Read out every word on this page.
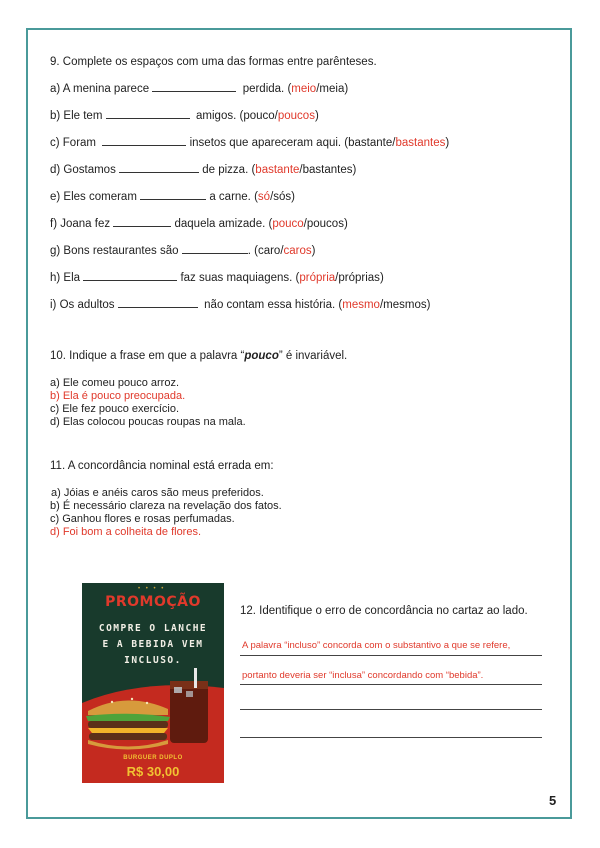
9. Complete os espaços com uma das formas entre parênteses.
a) A menina parece	perdida. (meio/meia)
b) Ele tem	amigos. (pouco/poucos)
c) Foram	insetos que apareceram aqui. (bastante/bastantes)
d) Gostamos	de pizza. (bastante/bastantes)
e) Eles comeram	a carne. (só/sós)
f) Joana fez	daquela amizade. (pouco/poucos)
g) Bons restaurantes são	. (caro/caros)
h) Ela	faz suas maquiagens. (própria/próprias)
i) Os adultos	não contam essa história. (mesmo/mesmos)
10. Indique a frase em que a palavra “pouco” é invariável.
a) Ele comeu pouco arroz.
b) Ela é pouco preocupada.
c) Ele fez pouco exercício.
d) Elas colocou poucas roupas na mala.
11. A concordância nominal está errada em:
a) Jóias e anéis caros são meus preferidos.
b) É necessário clareza na revelação dos fatos.
c) Ganhou flores e rosas perfumadas.
d) Foi bom a colheita de flores.
• • • •
PROMOÇÃO
COMPRE O LANCHE
E A BEBIDA VEM
INCLUSO.
BURGUER DUPLO
R$ 30,00
12. Identifique o erro de concordância no cartaz ao lado.
A palavra “incluso” concorda com o substantivo a que se refere,
portanto deveria ser “inclusa” concordando com “bebida”.
5
